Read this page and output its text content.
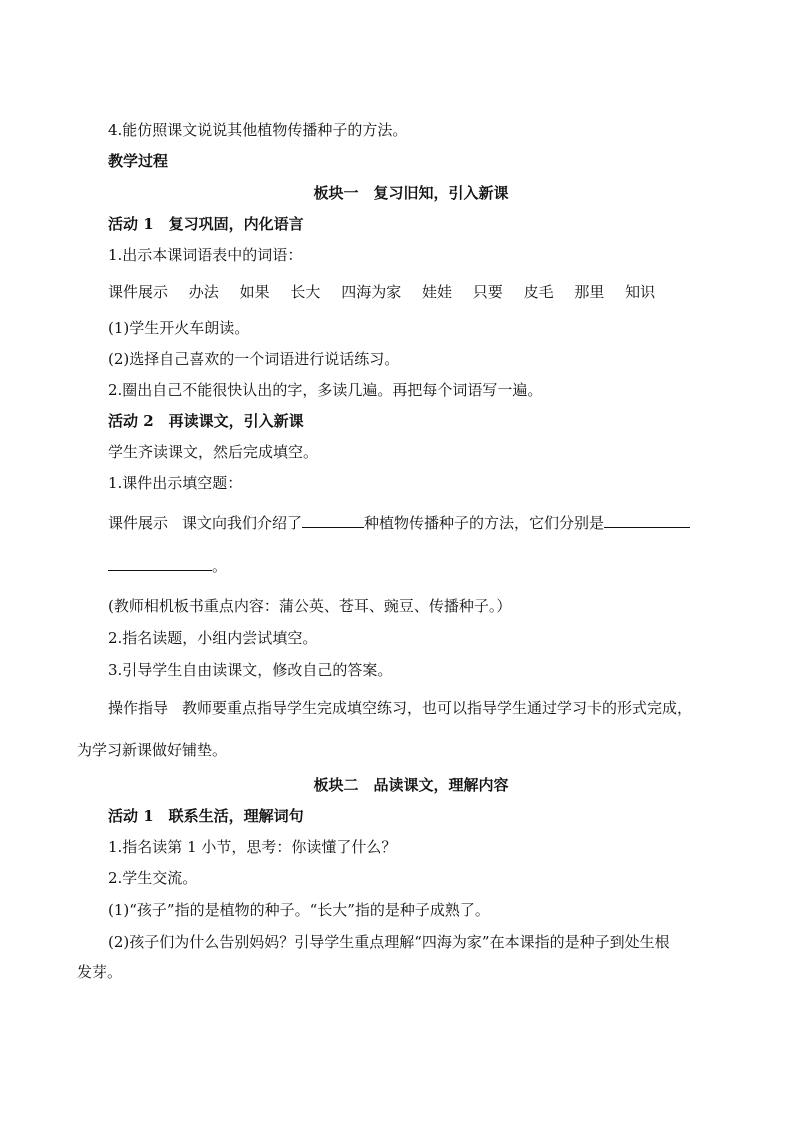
4.能仿照课文说说其他植物传播种子的方法。
教学过程
板块一　复习旧知，引入新课
活动 1　复习巩固，内化语言
1.出示本课词语表中的词语：
课件展示 办法 如果 长大 四海为家 娃娃 只要 皮毛 那里 知识
(1)学生开火车朗读。
(2)选择自己喜欢的一个词语进行说话练习。
2.圈出自己不能很快认出的字，多读几遍。再把每个词语写一遍。
活动 2　再读课文，引入新课
学生齐读课文，然后完成填空。
1.课件出示填空题：
课件展示 课文向我们介绍了	种植物传播种子的方法，它们分别是
。
(教师相机板书重点内容：蒲公英、苍耳、豌豆、传播种子。）
2.指名读题，小组内尝试填空。
3.引导学生自由读课文，修改自己的答案。
操作指导 教师要重点指导学生完成填空练习，也可以指导学生通过学习卡的形式完成，
为学习新课做好铺垫。
板块二　品读课文，理解内容
活动 1　联系生活，理解词句
1.指名读第 1 小节，思考：你读懂了什么？
2.学生交流。
(1)“孩子”指的是植物的种子。“长大”指的是种子成熟了。
(2)孩子们为什么告别妈妈？引导学生重点理解“四海为家”在本课指的是种子到处生根
发芽。
